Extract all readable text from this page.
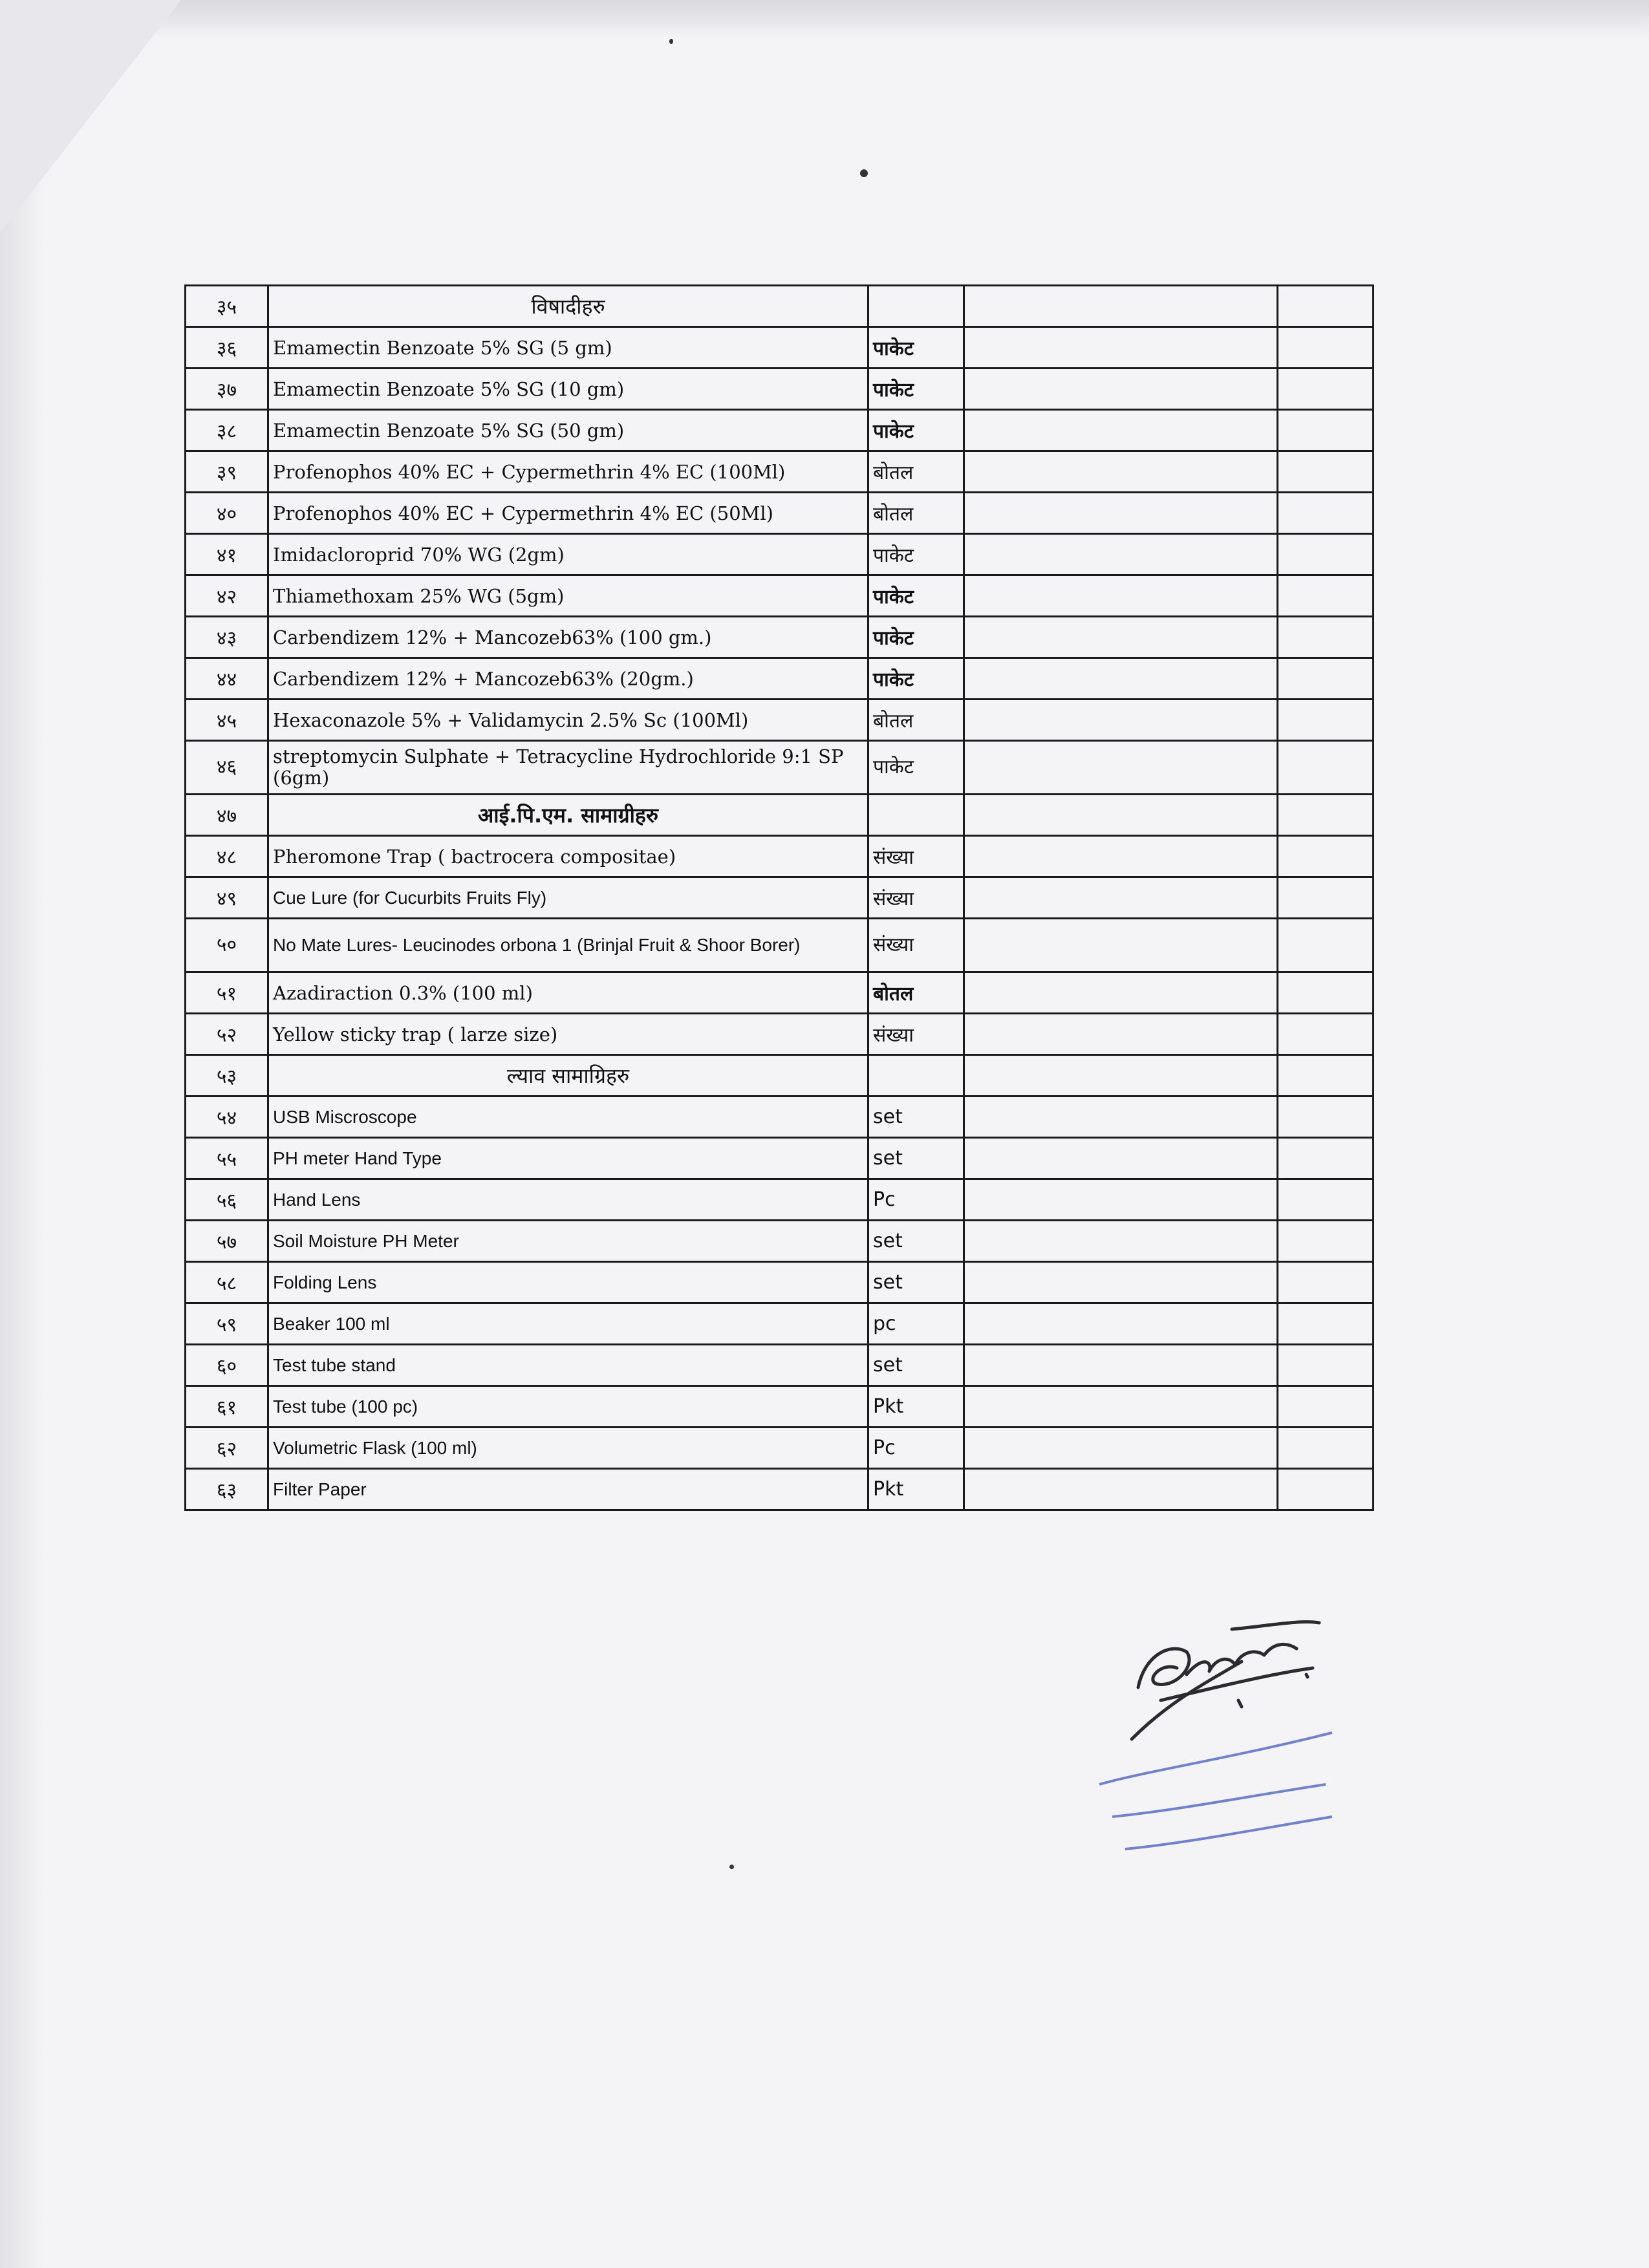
३५	विषादीहरु			
३६	Emamectin Benzoate 5% SG (5 gm)	पाकेट		
३७	Emamectin Benzoate 5% SG (10 gm)	पाकेट		
३८	Emamectin Benzoate 5% SG (50 gm)	पाकेट		
३९	Profenophos 40% EC + Cypermethrin 4% EC (100Ml)	बोतल		
४०	Profenophos 40% EC + Cypermethrin 4% EC (50Ml)	बोतल		
४१	Imidacloroprid 70% WG (2gm)	पाकेट		
४२	Thiamethoxam 25% WG (5gm)	पाकेट		
४३	Carbendizem 12% + Mancozeb63% (100 gm.)	पाकेट		
४४	Carbendizem 12% + Mancozeb63% (20gm.)	पाकेट		
४५	Hexaconazole 5% + Validamycin 2.5% Sc (100Ml)	बोतल		
४६	streptomycin Sulphate + Tetracycline Hydrochloride 9:1 SP (6gm)	पाकेट		
४७	आई.पि.एम. सामाग्रीहरु			
४८	Pheromone Trap ( bactrocera compositae)	संख्या		
४९	Cue Lure (for Cucurbits Fruits Fly)	संख्या		
५०	No Mate Lures- Leucinodes orbona 1 (Brinjal Fruit & Shoor Borer)	संख्या		
५१	Azadiraction 0.3% (100 ml)	बोतल		
५२	Yellow sticky trap ( larze size)	संख्या		
५३	ल्याव सामाग्रिहरु			
५४	USB Miscroscope	set		
५५	PH meter Hand Type	set		
५६	Hand Lens	Pc		
५७	Soil Moisture PH Meter	set		
५८	Folding Lens	set		
५९	Beaker 100 ml	pc		
६०	Test tube stand	set		
६१	Test tube (100 pc)	Pkt		
६२	Volumetric Flask (100 ml)	Pc		
६३	Filter Paper	Pkt		
